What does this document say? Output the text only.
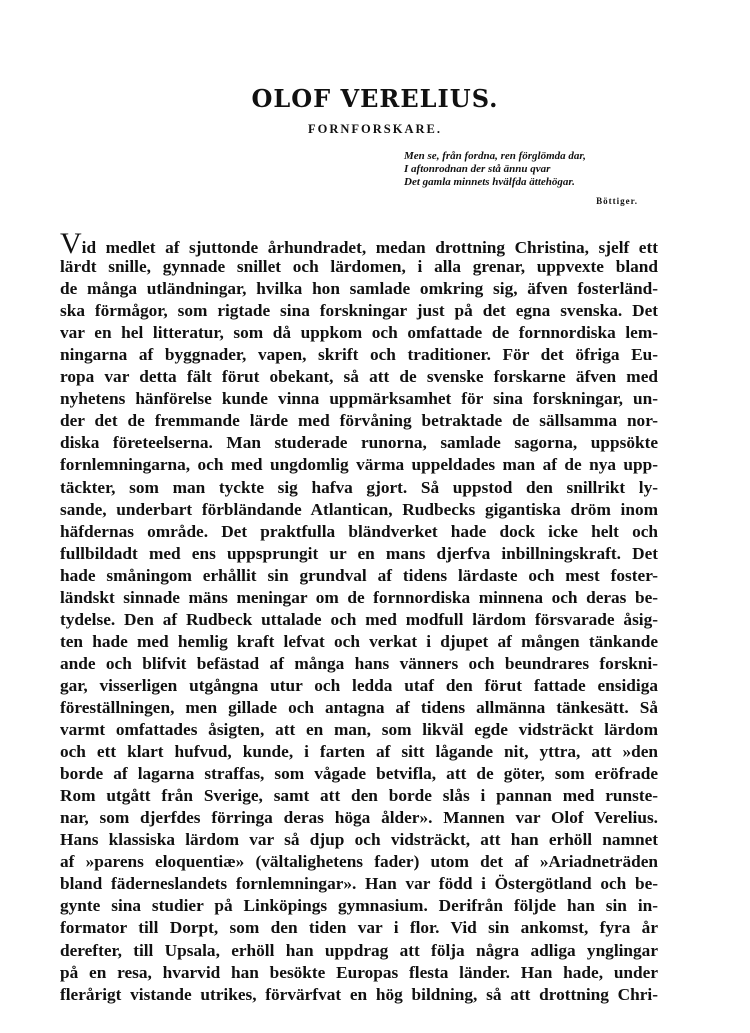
OLOF VERELIUS.
FORNFORSKARE.
Men se, från fordna, ren förglömda dar,
I aftonrodnan der stå ännu qvar
Det gamla minnets hvälfda ättehögar.
Böttiger.
Vid medlet af sjuttonde århundradet, medan drottning Christina, sjelf ett
lärdt snille, gynnade snillet och lärdomen, i alla grenar, uppvexte bland
de många utländningar, hvilka hon samlade omkring sig, äfven fosterländ-
ska förmågor, som rigtade sina forskningar just på det egna svenska. Det
var en hel litteratur, som då uppkom och omfattade de fornnordiska lem-
ningarna af byggnader, vapen, skrift och traditioner. För det öfriga Eu-
ropa var detta fält förut obekant, så att de svenske forskarne äfven med
nyhetens hänförelse kunde vinna uppmärksamhet för sina forskningar, un-
der det de fremmande lärde med förvåning betraktade de sällsamma nor-
diska företeelserna. Man studerade runorna, samlade sagorna, uppsökte
fornlemningarna, och med ungdomlig värma uppeldades man af de nya upp-
täckter, som man tyckte sig hafva gjort. Så uppstod den snillrikt ly-
sande, underbart förbländande Atlantican, Rudbecks gigantiska dröm inom
häfdernas område. Det praktfulla bländverket hade dock icke helt och
fullbildadt med ens uppsprungit ur en mans djerfva inbillningskraft. Det
hade småningom erhållit sin grundval af tidens lärdaste och mest foster-
ländskt sinnade mäns meningar om de fornnordiska minnena och deras be-
tydelse. Den af Rudbeck uttalade och med modfull lärdom försvarade åsig-
ten hade med hemlig kraft lefvat och verkat i djupet af mången tänkande
ande och blifvit befästad af många hans vänners och beundrares forskni-
gar, visserligen utgångna utur och ledda utaf den förut fattade ensidiga
föreställningen, men gillade och antagna af tidens allmänna tänkesätt. Så
varmt omfattades åsigten, att en man, som likväl egde vidsträckt lärdom
och ett klart hufvud, kunde, i farten af sitt lågande nit, yttra, att »den
borde af lagarna straffas, som vågade betvifla, att de göter, som eröfrade
Rom utgått från Sverige, samt att den borde slås i pannan med runste-
nar, som djerfdes förringa deras höga ålder». Mannen var Olof Verelius.
Hans klassiska lärdom var så djup och vidsträckt, att han erhöll namnet
af »parens eloquentiæ» (vältalighetens fader) utom det af »Ariadneträden
bland fäderneslandets fornlemningar». Han var född i Östergötland och be-
gynte sina studier på Linköpings gymnasium. Derifrån följde han sin in-
formator till Dorpt, som den tiden var i flor. Vid sin ankomst, fyra år
derefter, till Upsala, erhöll han uppdrag att följa några adliga ynglingar
på en resa, hvarvid han besökte Europas flesta länder. Han hade, under
flerårigt vistande utrikes, förvärfvat en hög bildning, så att drottning Chri-
